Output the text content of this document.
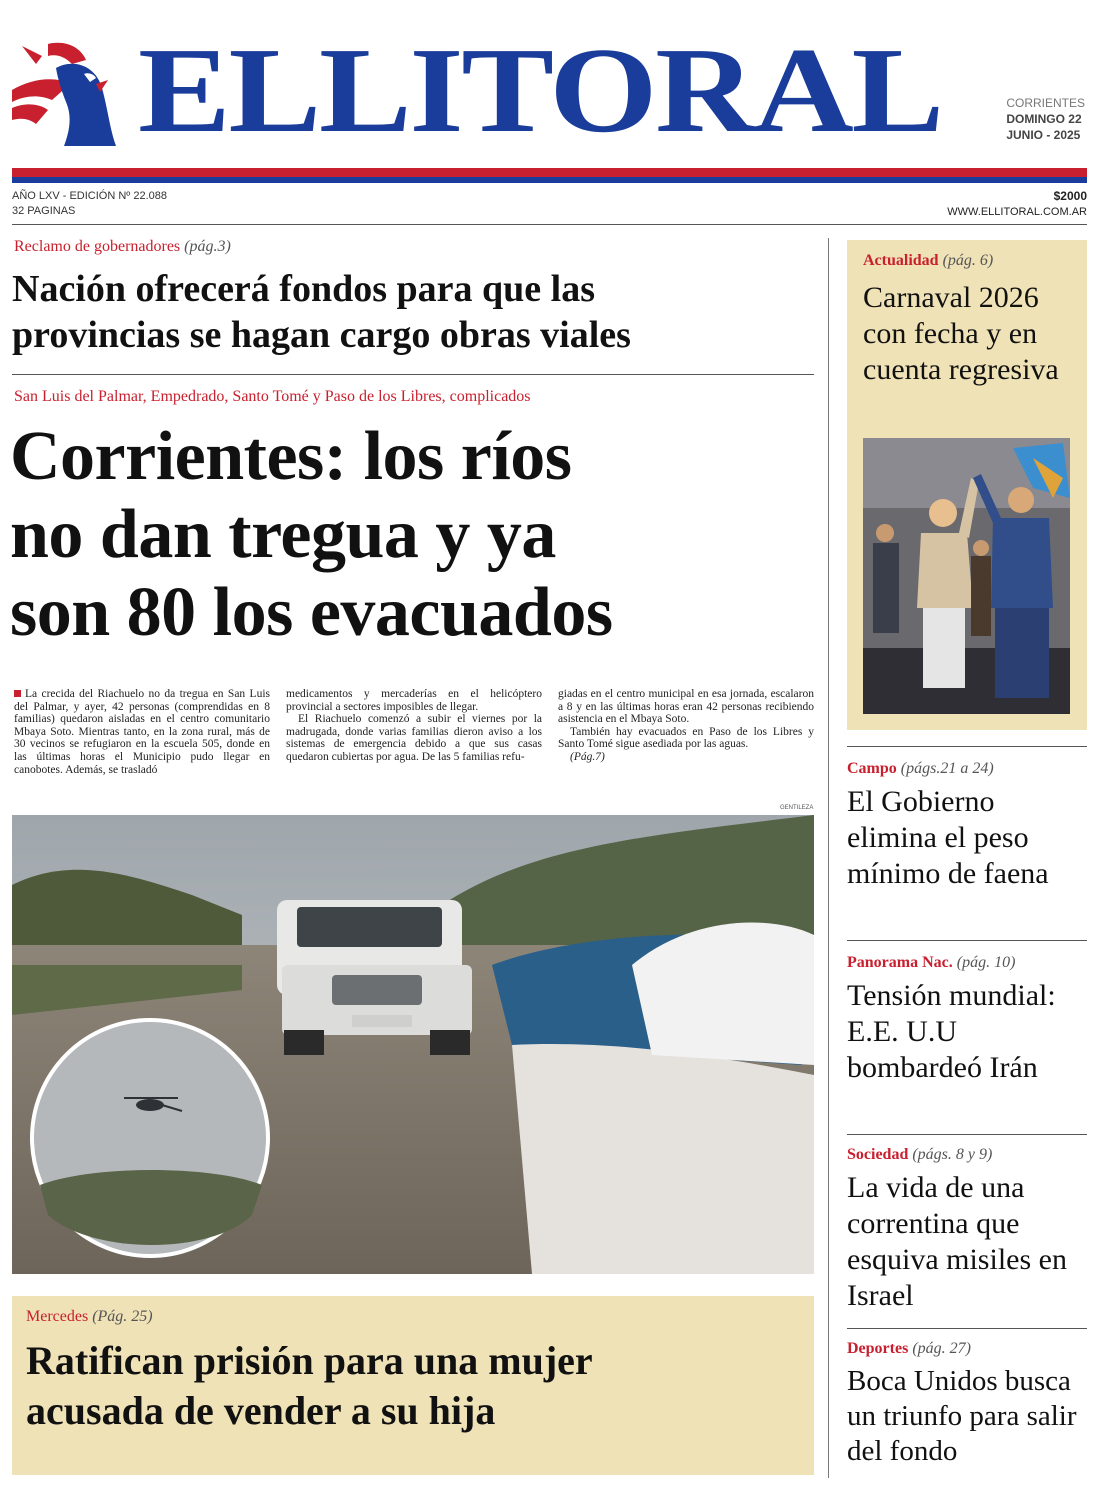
ELLITORAL	CORRIENTES
DOMINGO 22
JUNIO - 2025
AÑO LXV - EDICIÓN Nº 22.088
32 PAGINAS
$2000
WWW.ELLITORAL.COM.AR
Reclamo de gobernadores (pág.3)
Nación ofrecerá fondos para que las
provincias se hagan cargo obras viales
San Luis del Palmar, Empedrado, Santo Tomé y Paso de los Libres, complicados
Corrientes: los ríos
no dan tregua y ya
son 80 los evacuados

La crecida del Riachuelo no da tregua en San Luis del Palmar, y ayer, 42 personas (comprendidas en 8 familias) quedaron aisladas en el centro comunitario Mbaya Soto. Mientras tanto, en la zona rural, más de 30 vecinos se refugiaron en la escuela 505, donde en las últimas horas el Municipio pudo llegar en canobotes. Además, se trasladó

medicamentos y mercaderías en el helicóptero provincial a sectores imposibles de llegar.

El Riachuelo comenzó a subir el viernes por la madrugada, donde varias familias dieron aviso a los sistemas de emergencia debido a que sus casas quedaron cubiertas por agua. De las 5 familias refu-

giadas en el centro municipal en esa jornada, escalaron a 8 y en las últimas horas eran 42 personas recibiendo asistencia en el Mbaya Soto.

También hay evacuados en Paso de los Libres y Santo Tomé sigue asediada por las aguas.

(Pág.7)

GENTILEZA
Mercedes (Pág. 25)
Ratifican prisión para una mujer
acusada de vender a su hija
Actualidad (pág. 6)
Carnaval 2026 con fecha y en cuenta regresiva
Campo (págs.21 a 24)
El Gobierno elimina el peso mínimo de faena
Panorama Nac. (pág. 10)
Tensión mundial: E.E. U.U bombardeó Irán
Sociedad (págs. 8 y 9)
La vida de una correntina que esquiva misiles en Israel
Deportes (pág. 27)
Boca Unidos busca un triunfo para salir del fondo
